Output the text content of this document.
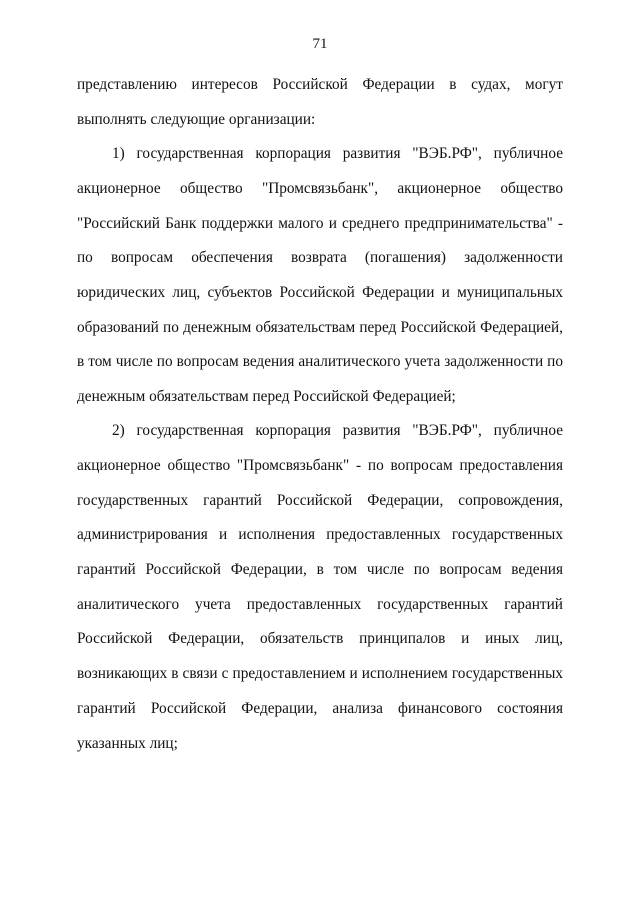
71
представлению интересов Российской Федерации в судах, могут
выполнять следующие организации:
1) государственная корпорация развития "ВЭБ.РФ", публичное
акционерное общество "Промсвязьбанк", акционерное общество
"Российский Банк поддержки малого и среднего предпринимательства" -
по вопросам обеспечения возврата (погашения) задолженности
юридических лиц, субъектов Российской Федерации и муниципальных
образований по денежным обязательствам перед Российской Федерацией,
в том числе по вопросам ведения аналитического учета задолженности по
денежным обязательствам перед Российской Федерацией;
2) государственная корпорация развития "ВЭБ.РФ", публичное
акционерное общество "Промсвязьбанк" - по вопросам предоставления
государственных гарантий Российской Федерации, сопровождения,
администрирования и исполнения предоставленных государственных
гарантий Российской Федерации, в том числе по вопросам ведения
аналитического учета предоставленных государственных гарантий
Российской Федерации, обязательств принципалов и иных лиц,
возникающих в связи с предоставлением и исполнением государственных
гарантий Российской Федерации, анализа финансового состояния
указанных лиц;
